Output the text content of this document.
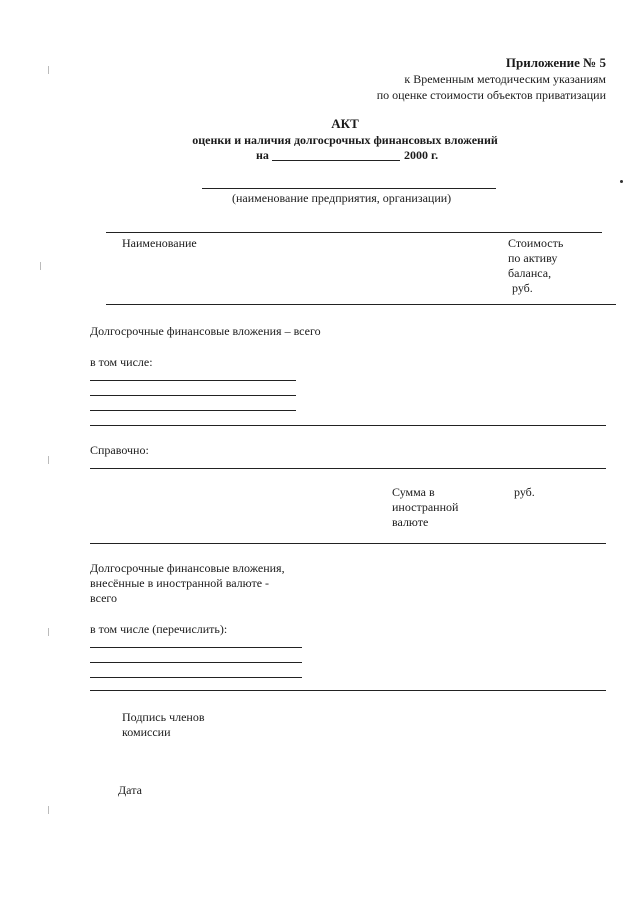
Приложение № 5
к Временным методическим указаниям
по оценке стоимости объектов приватизации
АКТ
оценки и наличия долгосрочных финансовых вложений
на	2000 г.
(наименование предприятия, организации)
Наименование	Стоимость
по активу
баланса,
руб.
Долгосрочные финансовые вложения – всего
в том числе:
Справочно:
Сумма в
иностранной
валюте
руб.
Долгосрочные финансовые вложения,
внесённые в иностранной валюте -
всего
в том числе (перечислить):
Подпись членов
комиссии
Дата
